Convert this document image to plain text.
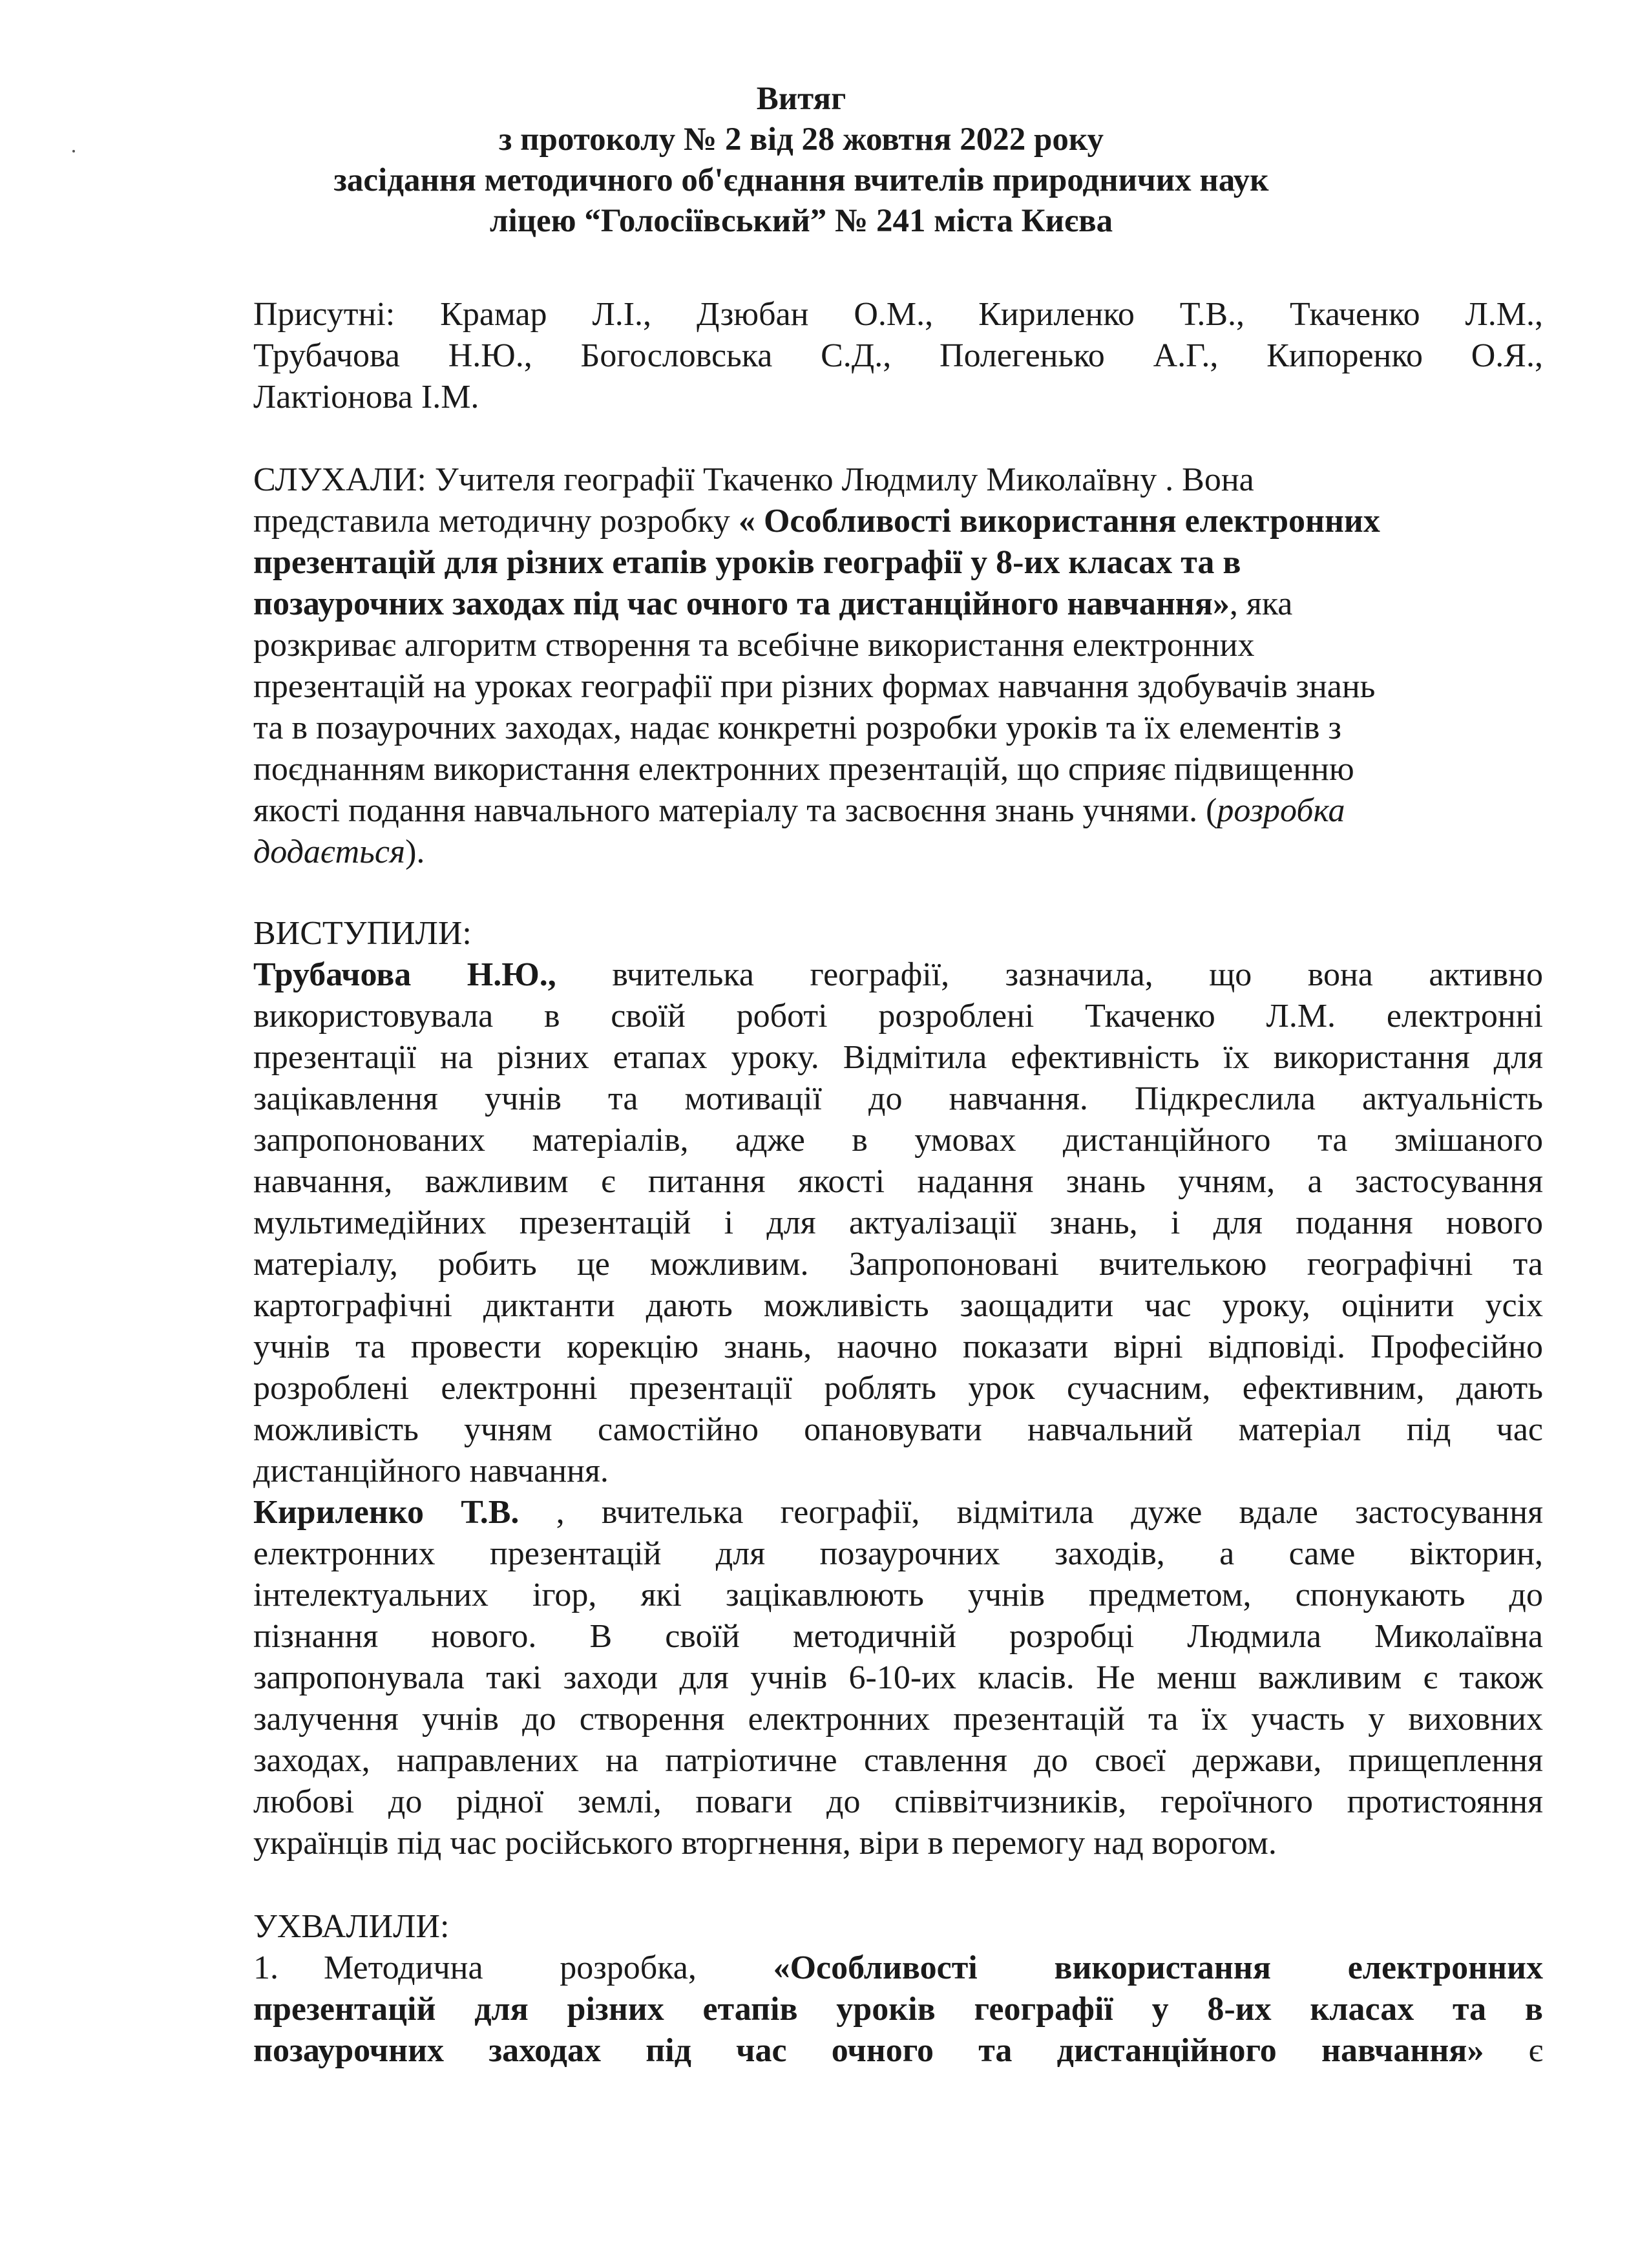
Витяг
з протоколу № 2 від 28 жовтня 2022 року
засідання методичного об'єднання вчителів природничих наук
ліцею “Голосіївський” № 241 міста Києва
Присутні: Крамар Л.І., Дзюбан О.М., Кириленко Т.В., Ткаченко Л.М.,
Трубачова Н.Ю., Богословська С.Д., Полегенько А.Г., Кипоренко О.Я.,
Лактіонова І.М.
СЛУХАЛИ: Учителя географії Ткаченко Людмилу Миколаївну . Вона
представила методичну розробку « Особливості використання електронних
презентацій для різних етапів уроків географії у 8-их класах та в
позаурочних заходах під час очного та дистанційного навчання», яка
розкриває алгоритм створення та всебічне використання електронних
презентацій на уроках географії при різних формах навчання здобувачів знань
та в позаурочних заходах, надає конкретні розробки уроків та їх елементів з
поєднанням використання електронних презентацій, що сприяє підвищенню
якості подання навчального матеріалу та засвоєння знань учнями. (розробка
додається).
ВИСТУПИЛИ:
Трубачова Н.Ю., вчителька географії, зазначила, що вона активно
використовувала в своїй роботі розроблені Ткаченко Л.М. електронні
презентації на різних етапах уроку. Відмітила ефективність їх використання для
зацікавлення учнів та мотивації до навчання. Підкреслила актуальність
запропонованих матеріалів, адже в умовах дистанційного та змішаного
навчання, важливим є питання якості надання знань учням, а застосування
мультимедійних презентацій і для актуалізації знань, і для подання нового
матеріалу, робить це можливим. Запропоновані вчителькою географічні та
картографічні диктанти дають можливість заощадити час уроку, оцінити усіх
учнів та провести корекцію знань, наочно показати вірні відповіді. Професійно
розроблені електронні презентації роблять урок сучасним, ефективним, дають
можливість учням самостійно опановувати навчальний матеріал під час
дистанційного навчання.
Кириленко Т.В. , вчителька географії, відмітила дуже вдале застосування
електронних презентацій для позаурочних заходів, а саме вікторин,
інтелектуальних ігор, які зацікавлюють учнів предметом, спонукають до
пізнання нового. В своїй методичній розробці Людмила Миколаївна
запропонувала такі заходи для учнів 6-10-их класів. Не менш важливим є також
залучення учнів до створення електронних презентацій та їх участь у виховних
заходах, направлених на патріотичне ставлення до своєї держави, прищеплення
любові до рідної землі, поваги до співвітчизників, героїчного протистояння
українців під час російського вторгнення, віри в перемогу над ворогом.
УХВАЛИЛИ:
1. Методична розробка, «Особливості використання електронних
презентацій для різних етапів уроків географії у 8-их класах та в
позаурочних заходах під час очного та дистанційного навчання» є
